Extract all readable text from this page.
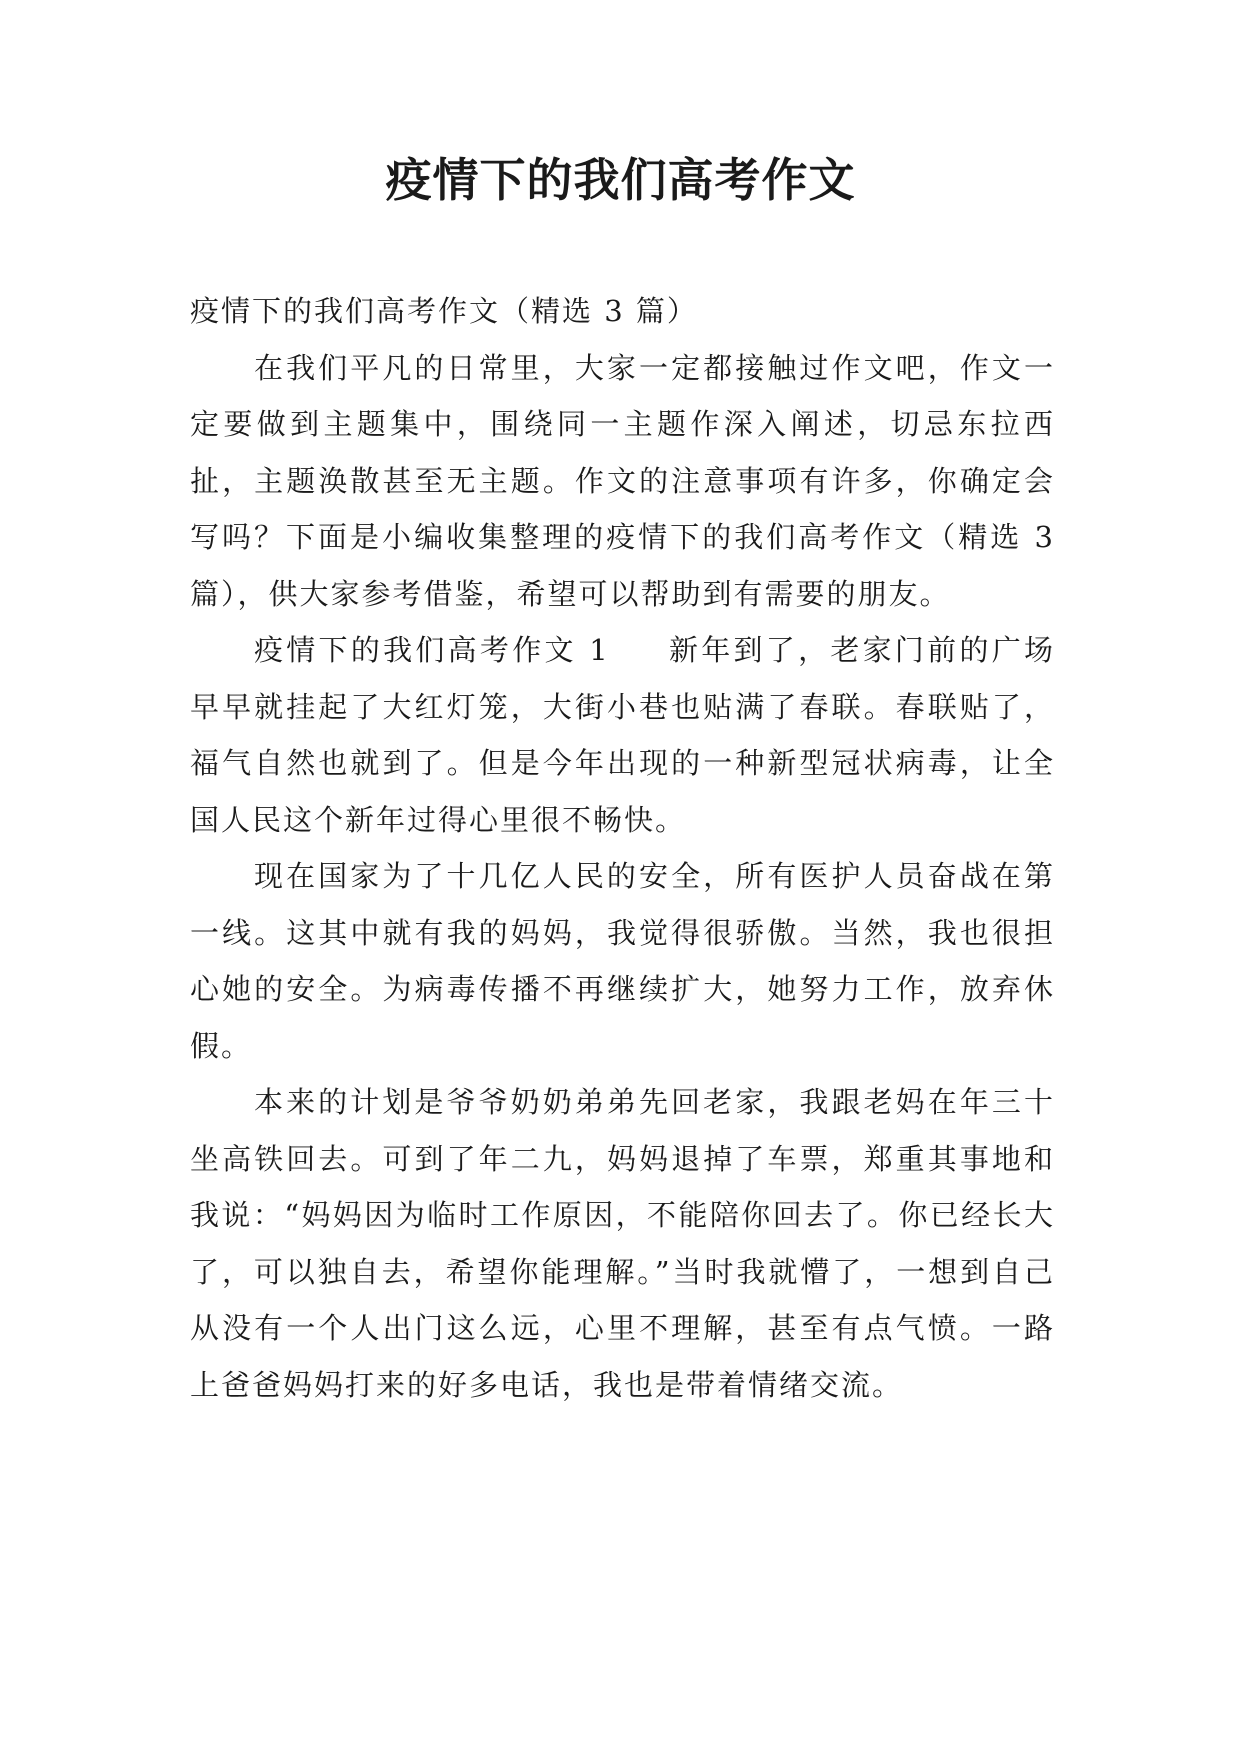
疫情下的我们高考作文

疫情下的我们高考作文（精选 3 篇）

在我们平凡的日常里，大家一定都接触过作文吧，作文一定要做到主题集中，围绕同一主题作深入阐述，切忌东拉西扯，主题涣散甚至无主题。作文的注意事项有许多，你确定会写吗？下面是小编收集整理的疫情下的我们高考作文（精选 3 篇），供大家参考借鉴，希望可以帮助到有需要的朋友。

疫情下的我们高考作文 1 新年到了，老家门前的广场早早就挂起了大红灯笼，大街小巷也贴满了春联。春联贴了，福气自然也就到了。但是今年出现的一种新型冠状病毒，让全国人民这个新年过得心里很不畅快。

现在国家为了十几亿人民的安全，所有医护人员奋战在第一线。这其中就有我的妈妈，我觉得很骄傲。当然，我也很担心她的安全。为病毒传播不再继续扩大，她努力工作，放弃休假。

本来的计划是爷爷奶奶弟弟先回老家，我跟老妈在年三十坐高铁回去。可到了年二九，妈妈退掉了车票，郑重其事地和我说：“妈妈因为临时工作原因，不能陪你回去了。你已经长大了，可以独自去，希望你能理解。”当时我就懵了，一想到自己从没有一个人出门这么远，心里不理解，甚至有点气愤。一路上爸爸妈妈打来的好多电话，我也是带着情绪交流。
